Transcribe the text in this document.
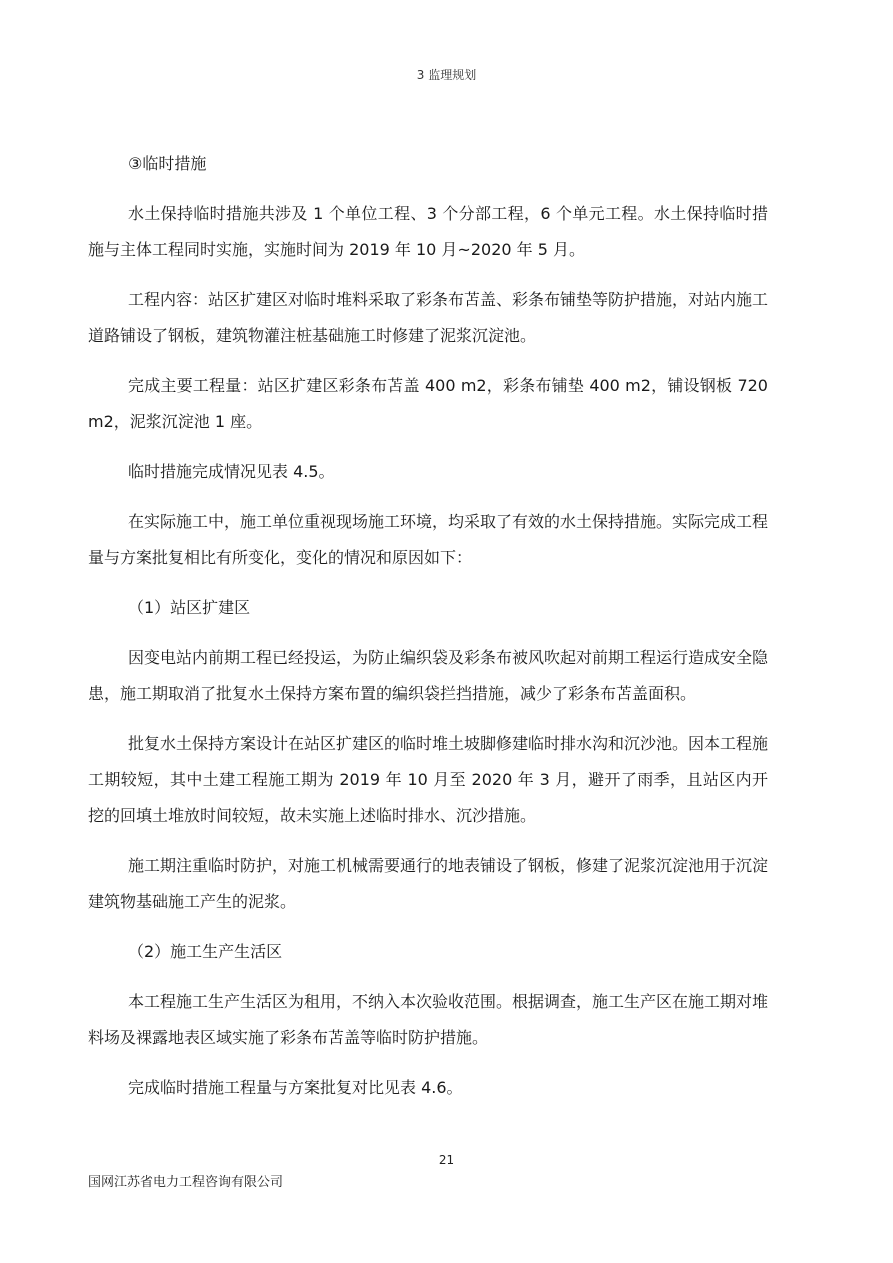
3 监理规划

③临时措施

水土保持临时措施共涉及 1 个单位工程、3 个分部工程，6 个单元工程。水土保持临时措施与主体工程同时实施，实施时间为 2019 年 10 月~2020 年 5 月。

工程内容：站区扩建区对临时堆料采取了彩条布苫盖、彩条布铺垫等防护措施，对站内施工道路铺设了钢板，建筑物灌注桩基础施工时修建了泥浆沉淀池。

完成主要工程量：站区扩建区彩条布苫盖 400 m2，彩条布铺垫 400 m2，铺设钢板 720m2，泥浆沉淀池 1 座。

临时措施完成情况见表 4.5。

在实际施工中，施工单位重视现场施工环境，均采取了有效的水土保持措施。实际完成工程量与方案批复相比有所变化，变化的情况和原因如下：

（1）站区扩建区

因变电站内前期工程已经投运，为防止编织袋及彩条布被风吹起对前期工程运行造成安全隐患，施工期取消了批复水土保持方案布置的编织袋拦挡措施，减少了彩条布苫盖面积。

批复水土保持方案设计在站区扩建区的临时堆土坡脚修建临时排水沟和沉沙池。因本工程施工期较短，其中土建工程施工期为 2019 年 10 月至 2020 年 3 月，避开了雨季，且站区内开挖的回填土堆放时间较短，故未实施上述临时排水、沉沙措施。

施工期注重临时防护，对施工机械需要通行的地表铺设了钢板，修建了泥浆沉淀池用于沉淀建筑物基础施工产生的泥浆。

（2）施工生产生活区

本工程施工生产生活区为租用，不纳入本次验收范围。根据调查，施工生产区在施工期对堆料场及裸露地表区域实施了彩条布苫盖等临时防护措施。

完成临时措施工程量与方案批复对比见表 4.6。

21
国网江苏省电力工程咨询有限公司
